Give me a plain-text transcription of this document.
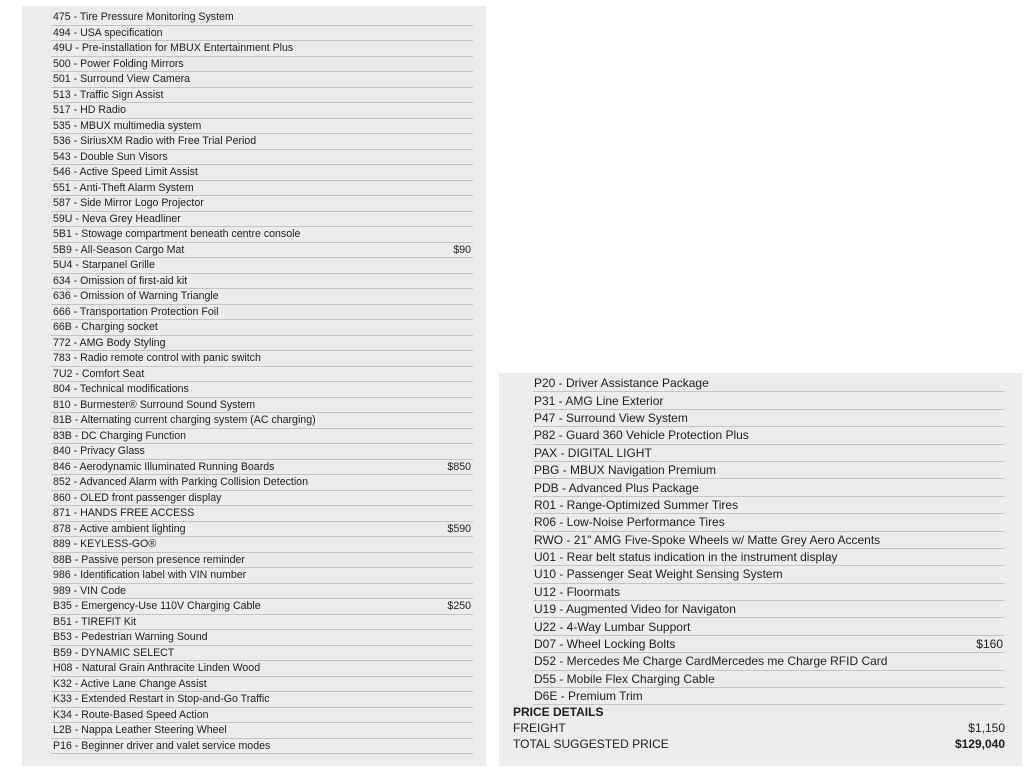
475 - Tire Pressure Monitoring System
494 - USA specification
49U - Pre-installation for MBUX Entertainment Plus
500 - Power Folding Mirrors
501 - Surround View Camera
513 - Traffic Sign Assist
517 - HD Radio
535 - MBUX multimedia system
536 - SiriusXM Radio with Free Trial Period
543 - Double Sun Visors
546 - Active Speed Limit Assist
551 - Anti-Theft Alarm System
587 - Side Mirror Logo Projector
59U - Neva Grey Headliner
5B1 - Stowage compartment beneath centre console
5B9 - All-Season Cargo Mat	$90
5U4 - Starpanel Grille
634 - Omission of first-aid kit
636 - Omission of Warning Triangle
666 - Transportation Protection Foil
66B - Charging socket
772 - AMG Body Styling
783 - Radio remote control with panic switch
7U2 - Comfort Seat
804 - Technical modifications
810 - Burmester® Surround Sound System
81B - Alternating current charging system (AC charging)
83B - DC Charging Function
840 - Privacy Glass
846 - Aerodynamic Illuminated Running Boards	$850
852 - Advanced Alarm with Parking Collision Detection
860 - OLED front passenger display
871 - HANDS FREE ACCESS
878 - Active ambient lighting	$590
889 - KEYLESS-GO®
88B - Passive person presence reminder
986 - Identification label with VIN number
989 - VIN Code
B35 - Emergency-Use 110V Charging Cable	$250
B51 - TIREFIT Kit
B53 - Pedestrian Warning Sound
B59 - DYNAMIC SELECT
H08 - Natural Grain Anthracite Linden Wood
K32 - Active Lane Change Assist
K33 - Extended Restart in Stop-and-Go Traffic
K34 - Route-Based Speed Action
L2B - Nappa Leather Steering Wheel
P16 - Beginner driver and valet service modes
P20 - Driver Assistance Package
P31 - AMG Line Exterior
P47 - Surround View System
P82 - Guard 360 Vehicle Protection Plus
PAX - DIGITAL LIGHT
PBG - MBUX Navigation Premium
PDB - Advanced Plus Package
R01 - Range-Optimized Summer Tires
R06 - Low-Noise Performance Tires
RWO - 21" AMG Five-Spoke Wheels w/ Matte Grey Aero Accents
U01 - Rear belt status indication in the instrument display
U10 - Passenger Seat Weight Sensing System
U12 - Floormats
U19 - Augmented Video for Navigaton
U22 - 4-Way Lumbar Support
D07 - Wheel Locking Bolts	$160
D52 - Mercedes Me Charge CardMercedes me Charge RFID Card
D55 - Mobile Flex Charging Cable
D6E - Premium Trim
PRICE DETAILS
FREIGHT	$1,150
TOTAL SUGGESTED PRICE	$129,040
